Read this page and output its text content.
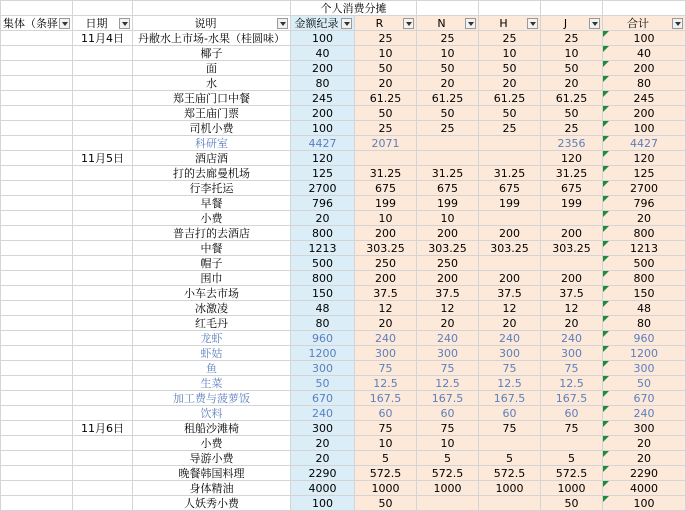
			个人消费分摊					

集体（条驿	日期	说明	金额纪录	R	N	H	J	合计

	11月4日	丹敝水上市场-水果（桂圆味）	100	25	25	25	25	100
		椰子	40	10	10	10	10	40
		面	200	50	50	50	50	200
		水	80	20	20	20	20	80
		郑王庙门口中餐	245	61.25	61.25	61.25	61.25	245
		郑王庙门票	200	50	50	50	50	200
		司机小费	100	25	25	25	25	100
		科研室	4427	2071			2356	4427
	11月5日	酒店酒	120				120	120
		打的去廊曼机场	125	31.25	31.25	31.25	31.25	125
		行李托运	2700	675	675	675	675	2700
		早餐	796	199	199	199	199	796
		小费	20	10	10			20
		普吉打的去酒店	800	200	200	200	200	800
		中餐	1213	303.25	303.25	303.25	303.25	1213
		帽子	500	250	250			500
		围巾	800	200	200	200	200	800
		小车去市场	150	37.5	37.5	37.5	37.5	150
		冰激凌	48	12	12	12	12	48
		红毛丹	80	20	20	20	20	80
		龙虾	960	240	240	240	240	960
		虾姑	1200	300	300	300	300	1200
		鱼	300	75	75	75	75	300
		生菜	50	12.5	12.5	12.5	12.5	50
		加工费与菠萝饭	670	167.5	167.5	167.5	167.5	670
		饮料	240	60	60	60	60	240
	11月6日	租船沙滩椅	300	75	75	75	75	300
		小费	20	10	10			20
		导游小费	20	5	5	5	5	20
		晚餐韩国料理	2290	572.5	572.5	572.5	572.5	2290
		身体精油	4000	1000	1000	1000	1000	4000
		人妖秀小费	100	50			50	100
